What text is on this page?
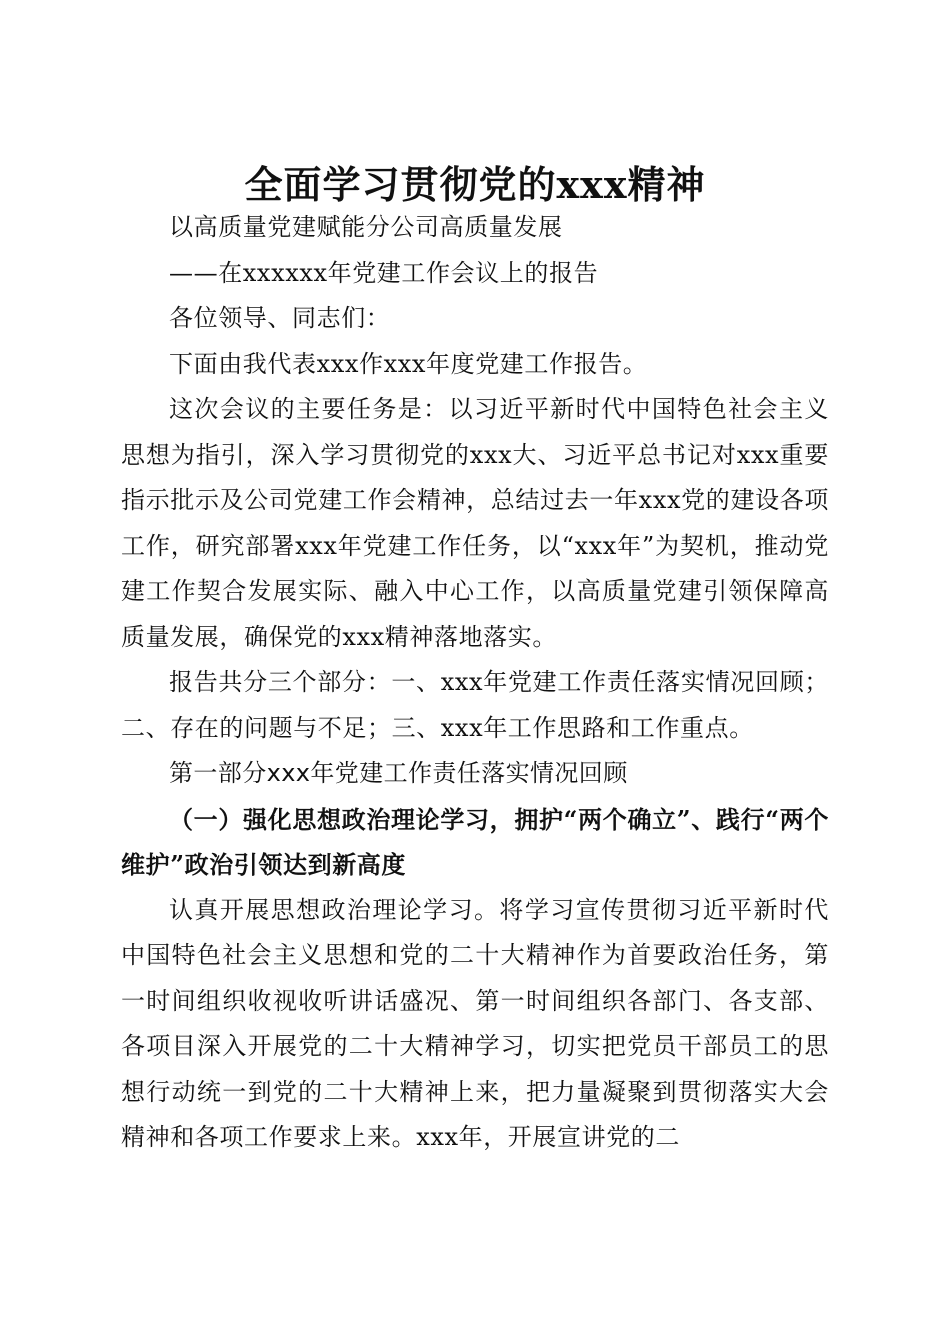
全面学习贯彻党的xxx精神

以高质量党建赋能分公司高质量发展

——在xxxxxx年党建工作会议上的报告

各位领导、同志们：

下面由我代表xxx作xxx年度党建工作报告。

这次会议的主要任务是：以习近平新时代中国特色社会主义思想为指引，深入学习贯彻党的xxx大、习近平总书记对xxx重要指示批示及公司党建工作会精神，总结过去一年xxx党的建设各项工作，研究部署xxx年党建工作任务，以“xxx年”为契机，推动党建工作契合发展实际、融入中心工作，以高质量党建引领保障高质量发展，确保党的xxx精神落地落实。

报告共分三个部分：一、xxx年党建工作责任落实情况回顾；二、存在的问题与不足；三、xxx年工作思路和工作重点。

第一部分xxx年党建工作责任落实情况回顾

（一）强化思想政治理论学习，拥护“两个确立”、践行“两个维护”政治引领达到新高度

认真开展思想政治理论学习。将学习宣传贯彻习近平新时代中国特色社会主义思想和党的二十大精神作为首要政治任务，第一时间组织收视收听讲话盛况、第一时间组织各部门、各支部、各项目深入开展党的二十大精神学习，切实把党员干部员工的思想行动统一到党的二十大精神上来，把力量凝聚到贯彻落实大会精神和各项工作要求上来。xxx年，开展宣讲党的二
